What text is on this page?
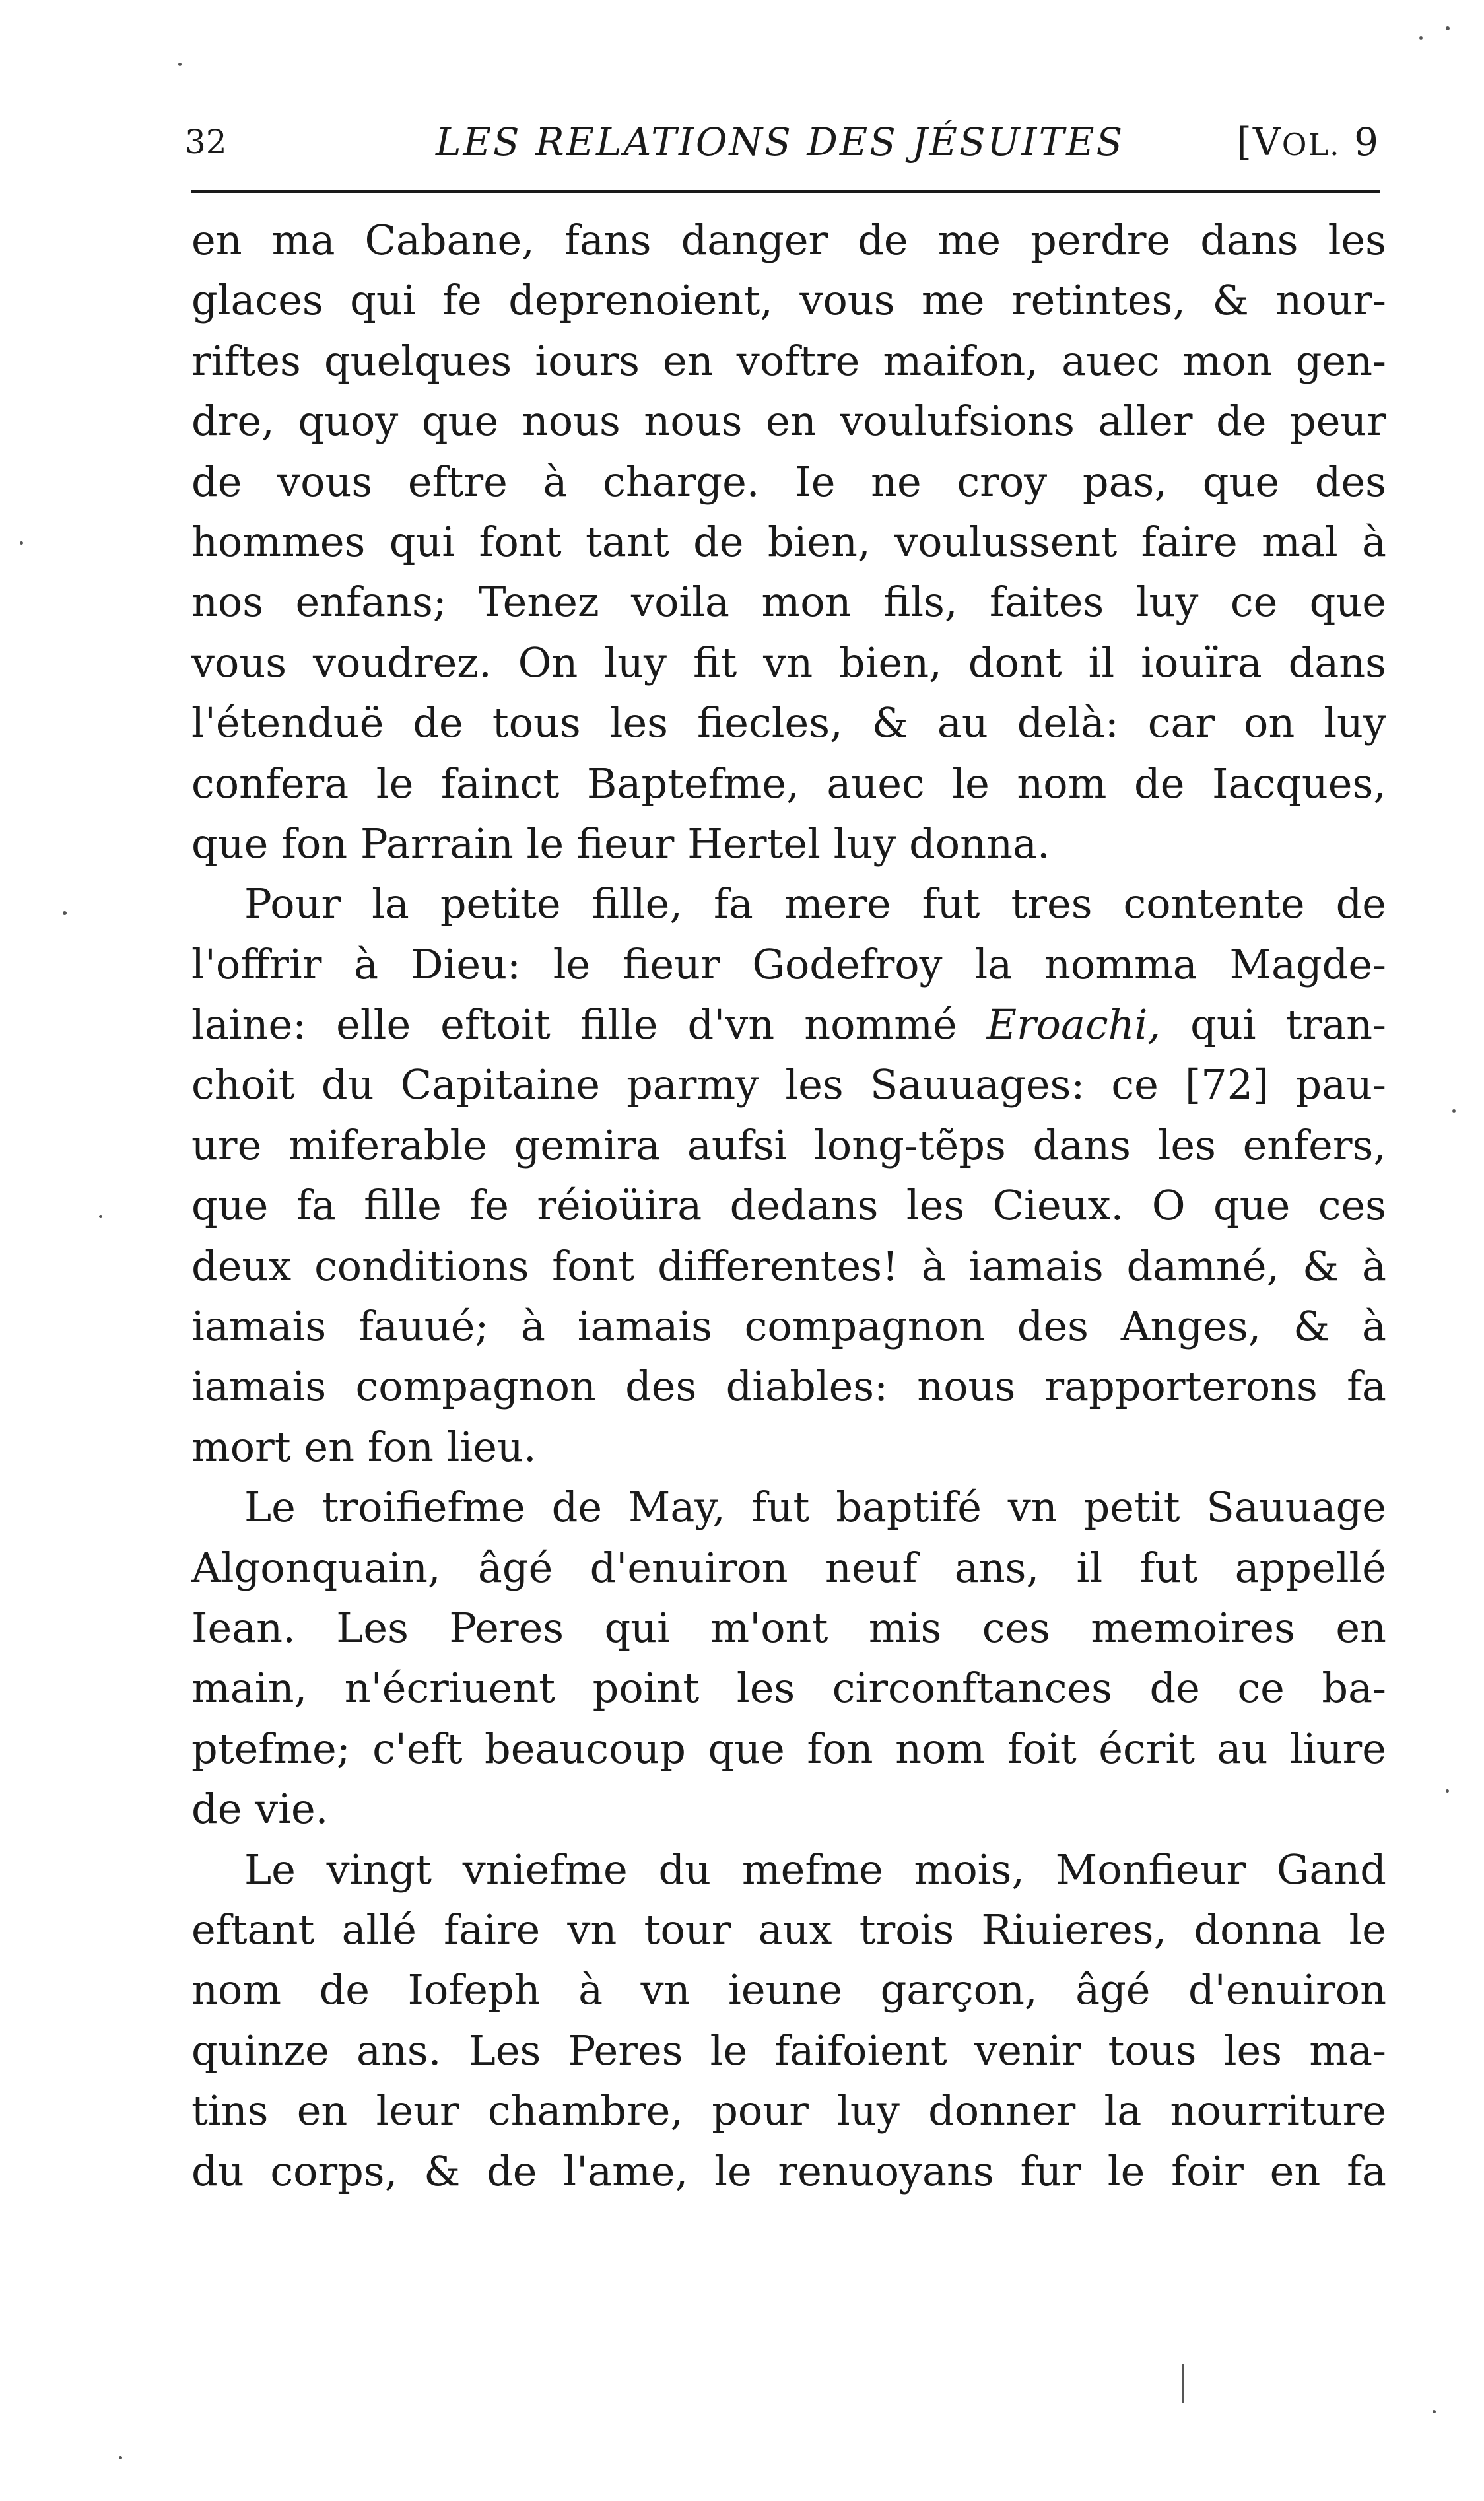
32	LES RELATIONS DES JÉSUITES	[VOL. 9
en ma Cabane, fans danger de me perdre dans les
glaces qui fe deprenoient, vous me retintes, & nour-
riftes quelques iours en voftre maifon, auec mon gen-
dre, quoy que nous nous en voulufsions aller de peur
de vous eftre à charge. Ie ne croy pas, que des
hommes qui font tant de bien, voulussent faire mal à
nos enfans; Tenez voila mon fils, faites luy ce que
vous voudrez. On luy fit vn bien, dont il iouïra dans
l'étenduë de tous les fiecles, & au delà: car on luy
confera le fainct Baptefme, auec le nom de Iacques,
que fon Parrain le fieur Hertel luy donna.
Pour la petite fille, fa mere fut tres contente de
l'offrir à Dieu: le fieur Godefroy la nomma Magde-
laine: elle eftoit fille d'vn nommé Eroachi, qui tran-
choit du Capitaine parmy les Sauuages: ce [72] pau-
ure miferable gemira aufsi long-tẽps dans les enfers,
que fa fille fe réioüira dedans les Cieux. O que ces
deux conditions font differentes! à iamais damné, & à
iamais fauué; à iamais compagnon des Anges, & à
iamais compagnon des diables: nous rapporterons fa
mort en fon lieu.
Le troifiefme de May, fut baptifé vn petit Sauuage
Algonquain, âgé d'enuiron neuf ans, il fut appellé
Iean. Les Peres qui m'ont mis ces memoires en
main, n'écriuent point les circonftances de ce ba-
ptefme; c'eft beaucoup que fon nom foit écrit au liure
de vie.
Le vingt vniefme du mefme mois, Monfieur Gand
eftant allé faire vn tour aux trois Riuieres, donna le
nom de Iofeph à vn ieune garçon, âgé d'enuiron
quinze ans. Les Peres le faifoient venir tous les ma-
tins en leur chambre, pour luy donner la nourriture
du corps, & de l'ame, le renuoyans fur le foir en fa
